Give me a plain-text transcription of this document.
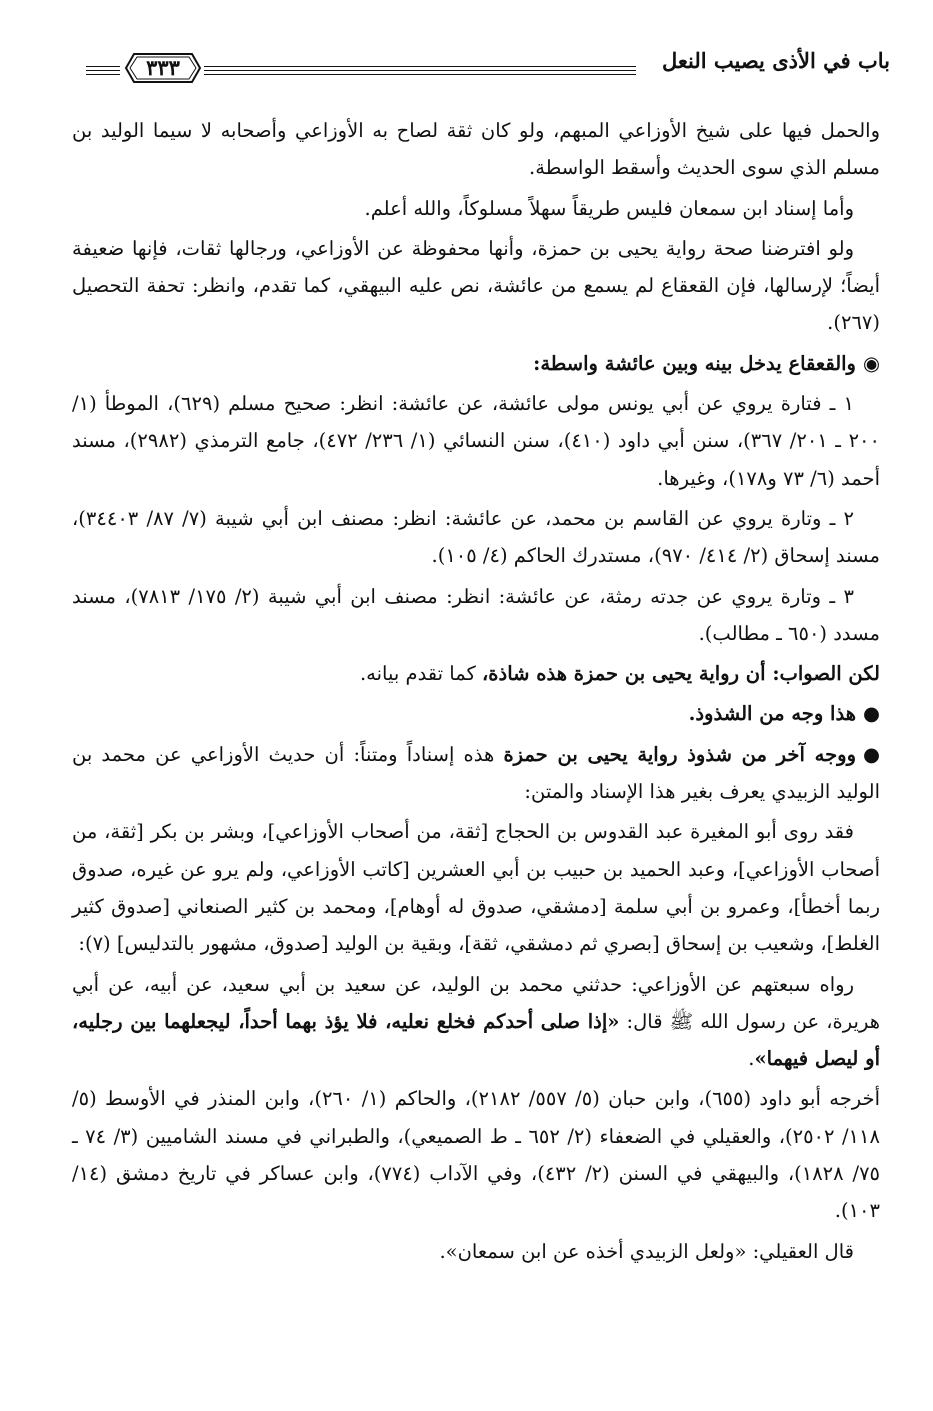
باب في الأذى يصيب النعل
٣٣٣

والحمل فيها على شيخ الأوزاعي المبهم، ولو كان ثقة لصاح به الأوزاعي وأصحابه لا سيما الوليد بن مسلم الذي سوى الحديث وأسقط الواسطة.

وأما إسناد ابن سمعان فليس طريقاً سهلاً مسلوكاً، والله أعلم.

ولو افترضنا صحة رواية يحيى بن حمزة، وأنها محفوظة عن الأوزاعي، ورجالها ثقات، فإنها ضعيفة أيضاً؛ لإرسالها، فإن القعقاع لم يسمع من عائشة، نص عليه البيهقي، كما تقدم، وانظر: تحفة التحصيل (٢٦٧).

◉والقعقاع يدخل بينه وبين عائشة واسطة:

١ ـ فتارة يروي عن أبي يونس مولى عائشة، عن عائشة: انظر: صحيح مسلم (٦٢٩)، الموطأ (١/ ٢٠٠ ـ ٢٠١/ ٣٦٧)، سنن أبي داود (٤١٠)، سنن النسائي (١/ ٢٣٦/ ٤٧٢)، جامع الترمذي (٢٩٨٢)، مسند أحمد (٦/ ٧٣ و١٧٨)، وغيرها.

٢ ـ وتارة يروي عن القاسم بن محمد، عن عائشة: انظر: مصنف ابن أبي شيبة (٧/ ٨٧/ ٣٤٤٠٣)، مسند إسحاق (٢/ ٤١٤/ ٩٧٠)، مستدرك الحاكم (٤/ ١٠٥).

٣ ـ وتارة يروي عن جدته رمثة، عن عائشة: انظر: مصنف ابن أبي شيبة (٢/ ١٧٥/ ٧٨١٣)، مسند مسدد (٦٥٠ ـ مطالب).

لكن الصواب: أن رواية يحيى بن حمزة هذه شاذة، كما تقدم بيانه.

●هذا وجه من الشذوذ.

●ووجه آخر من شذوذ رواية يحيى بن حمزة هذه إسناداً ومتناً: أن حديث الأوزاعي عن محمد بن الوليد الزبيدي يعرف بغير هذا الإسناد والمتن:

فقد روى أبو المغيرة عبد القدوس بن الحجاج [ثقة، من أصحاب الأوزاعي]، وبشر بن بكر [ثقة، من أصحاب الأوزاعي]، وعبد الحميد بن حبيب بن أبي العشرين [كاتب الأوزاعي، ولم يرو عن غيره، صدوق ربما أخطأ]، وعمرو بن أبي سلمة [دمشقي، صدوق له أوهام]، ومحمد بن كثير الصنعاني [صدوق كثير الغلط]، وشعيب بن إسحاق [بصري ثم دمشقي، ثقة]، وبقية بن الوليد [صدوق، مشهور بالتدليس] (٧):

رواه سبعتهم عن الأوزاعي: حدثني محمد بن الوليد، عن سعيد بن أبي سعيد، عن أبيه، عن أبي هريرة، عن رسول الله ﷺ قال: «إذا صلى أحدكم فخلع نعليه، فلا يؤذ بهما أحداً، ليجعلهما بين رجليه، أو ليصل فيهما».

أخرجه أبو داود (٦٥٥)، وابن حبان (٥/ ٥٥٧/ ٢١٨٢)، والحاكم (١/ ٢٦٠)، وابن المنذر في الأوسط (٥/ ١١٨/ ٢٥٠٢)، والعقيلي في الضعفاء (٢/ ٦٥٢ ـ ط الصميعي)، والطبراني في مسند الشاميين (٣/ ٧٤ ـ ٧٥/ ١٨٢٨)، والبيهقي في السنن (٢/ ٤٣٢)، وفي الآداب (٧٧٤)، وابن عساكر في تاريخ دمشق (١٤/ ١٠٣).

قال العقيلي: «ولعل الزبيدي أخذه عن ابن سمعان».
